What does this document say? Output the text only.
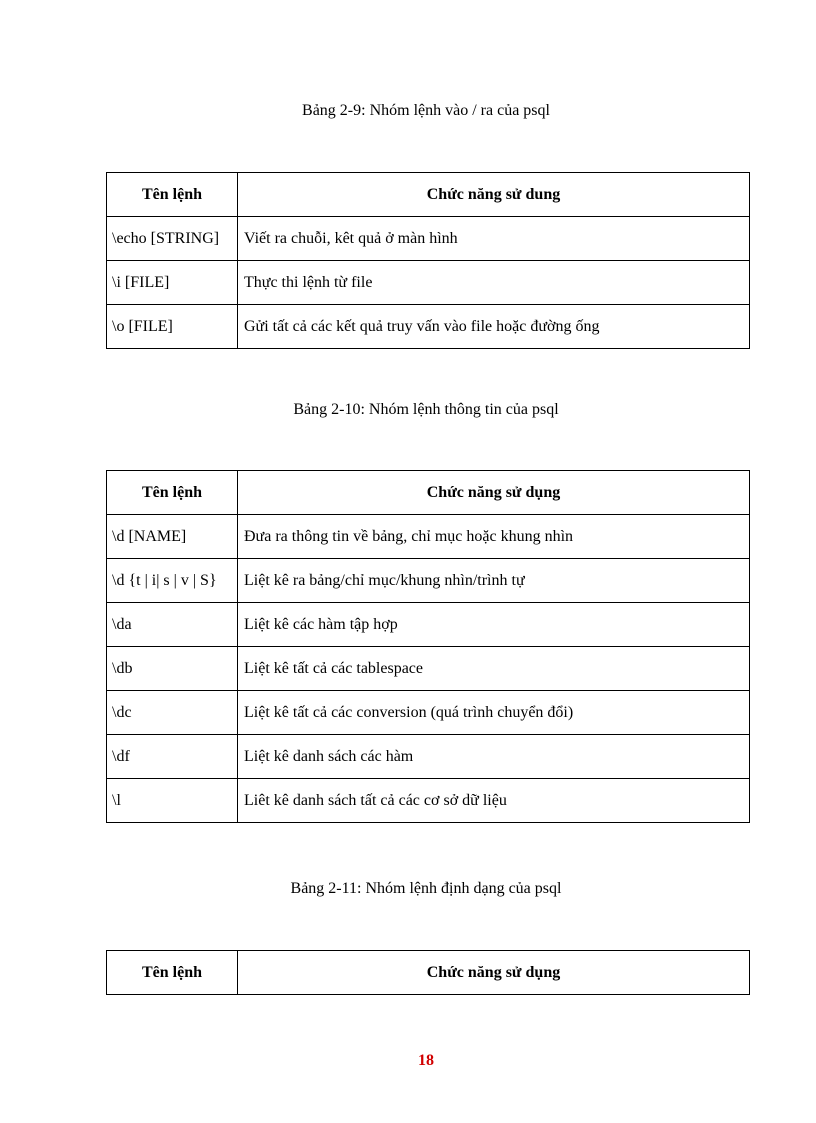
Bảng 2-9: Nhóm lệnh vào / ra của psql
Tên lệnh	Chức năng sử dung
\echo [STRING]	Viết ra chuỗi, kêt quả ở màn hình
\i [FILE]	Thực thi lệnh từ file
\o [FILE]	Gửi tất cả các kết quả truy vấn vào file hoặc đường ống
Bảng 2-10: Nhóm lệnh thông tin của psql
Tên lệnh	Chức năng sử dụng
\d [NAME]	Đưa ra thông tin về bảng, chỉ mục hoặc khung nhìn
\d {t | i| s | v | S}	Liệt kê ra bảng/chỉ mục/khung nhìn/trình tự
\da	Liệt kê các hàm tập hợp
\db	Liệt kê tất cả các tablespace
\dc	Liệt kê tất cả các conversion (quá trình chuyển đổi)
\df	Liệt kê danh sách các hàm
\l	Liêt kê danh sách tất cả các cơ sở dữ liệu
Bảng 2-11: Nhóm lệnh định dạng của psql
Tên lệnh	Chức năng sử dụng
18
